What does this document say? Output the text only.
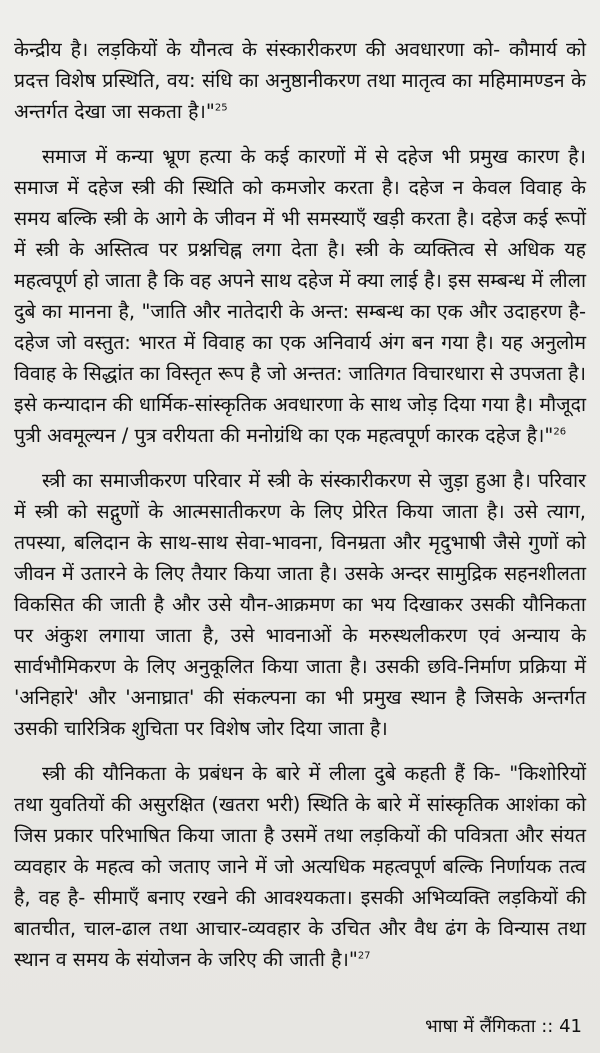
केन्द्रीय है। लड़कियों के यौनत्व के संस्कारीकरण की अवधारणा को- कौमार्य को प्रदत्त विशेष प्रस्थिति, वय: संधि का अनुष्ठानीकरण तथा मातृत्व का महिमामण्डन के अन्तर्गत देखा जा सकता है।"$^{25}$

समाज में कन्या भ्रूण हत्या के कई कारणों में से दहेज भी प्रमुख कारण है। समाज में दहेज स्त्री की स्थिति को कमजोर करता है। दहेज न केवल विवाह के समय बल्कि स्त्री के आगे के जीवन में भी समस्याएँ खड़ी करता है। दहेज कई रूपों में स्त्री के अस्तित्व पर प्रश्नचिह्न लगा देता है। स्त्री के व्यक्तित्व से अधिक यह महत्वपूर्ण हो जाता है कि वह अपने साथ दहेज में क्या लाई है। इस सम्बन्ध में लीला दुबे का मानना है, "जाति और नातेदारी के अन्त: सम्बन्ध का एक और उदाहरण है- दहेज जो वस्तुत: भारत में विवाह का एक अनिवार्य अंग बन गया है। यह अनुलोम विवाह के सिद्धांत का विस्तृत रूप है जो अन्तत: जातिगत विचारधारा से उपजता है। इसे कन्यादान की धार्मिक-सांस्कृतिक अवधारणा के साथ जोड़ दिया गया है। मौजूदा पुत्री अवमूल्यन / पुत्र वरीयता की मनोग्रंथि का एक महत्वपूर्ण कारक दहेज है।"$^{26}$

स्त्री का समाजीकरण परिवार में स्त्री के संस्कारीकरण से जुड़ा हुआ है। परिवार में स्त्री को सद्गुणों के आत्मसातीकरण के लिए प्रेरित किया जाता है। उसे त्याग, तपस्या, बलिदान के साथ-साथ सेवा-भावना, विनम्रता और मृदुभाषी जैसे गुणों को जीवन में उतारने के लिए तैयार किया जाता है। उसके अन्दर सामुद्रिक सहनशीलता विकसित की जाती है और उसे यौन-आक्रमण का भय दिखाकर उसकी यौनिकता पर अंकुश लगाया जाता है, उसे भावनाओं के मरुस्थलीकरण एवं अन्याय के सार्वभौमिकरण के लिए अनुकूलित किया जाता है। उसकी छवि-निर्माण प्रक्रिया में 'अनिहारे' और 'अनाघ्रात' की संकल्पना का भी प्रमुख स्थान है जिसके अन्तर्गत उसकी चारित्रिक शुचिता पर विशेष जोर दिया जाता है।

स्त्री की यौनिकता के प्रबंधन के बारे में लीला दुबे कहती हैं कि- "किशोरियों तथा युवतियों की असुरक्षित (खतरा भरी) स्थिति के बारे में सांस्कृतिक आशंका को जिस प्रकार परिभाषित किया जाता है उसमें तथा लड़कियों की पवित्रता और संयत व्यवहार के महत्व को जताए जाने में जो अत्यधिक महत्वपूर्ण बल्कि निर्णायक तत्व है, वह है- सीमाएँ बनाए रखने की आवश्यकता। इसकी अभिव्यक्ति लड़कियों की बातचीत, चाल-ढाल तथा आचार-व्यवहार के उचित और वैध ढंग के विन्यास तथा स्थान व समय के संयोजन के जरिए की जाती है।"$^{27}$

भाषा में लैंगिकता :: 41
